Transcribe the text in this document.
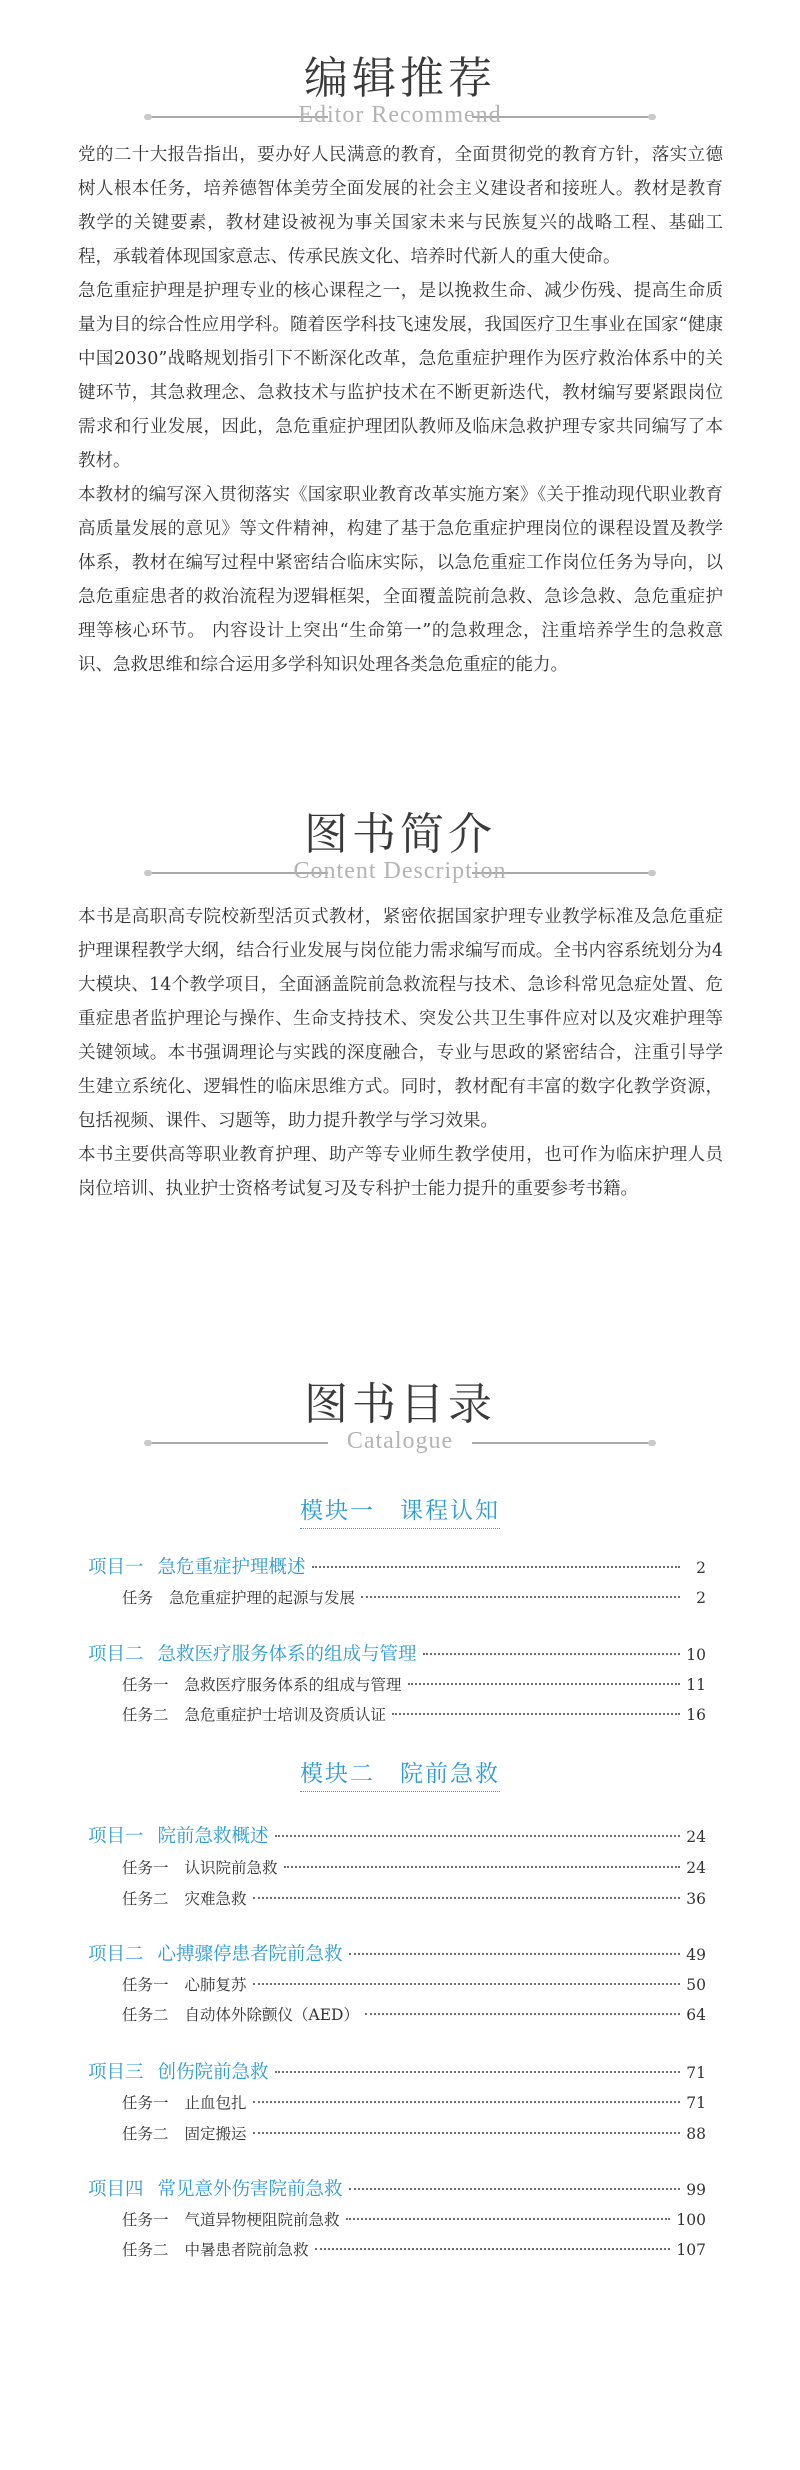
编辑推荐
Editor Recommend

党的二十大报告指出，要办好人民满意的教育，全面贯彻党的教育方针，落实立德树人根本任务，培养德智体美劳全面发展的社会主义建设者和接班人。教材是教育教学的关键要素，教材建设被视为事关国家未来与民族复兴的战略工程、基础工程，承载着体现国家意志、传承民族文化、培养时代新人的重大使命。

急危重症护理是护理专业的核心课程之一，是以挽救生命、减少伤残、提高生命质量为目的综合性应用学科。随着医学科技飞速发展，我国医疗卫生事业在国家“健康中国2030”战略规划指引下不断深化改革，急危重症护理作为医疗救治体系中的关键环节，其急救理念、急救技术与监护技术在不断更新迭代，教材编写要紧跟岗位需求和行业发展，因此，急危重症护理团队教师及临床急救护理专家共同编写了本教材。

本教材的编写深入贯彻落实《国家职业教育改革实施方案》《关于推动现代职业教育高质量发展的意见》等文件精神，构建了基于急危重症护理岗位的课程设置及教学体系，教材在编写过程中紧密结合临床实际，以急危重症工作岗位任务为导向，以急危重症患者的救治流程为逻辑框架，全面覆盖院前急救、急诊急救、急危重症护理等核心环节。 内容设计上突出“生命第一”的急救理念，注重培养学生的急救意识、急救思维和综合运用多学科知识处理各类急危重症的能力。

图书简介
Content Description

本书是高职高专院校新型活页式教材，紧密依据国家护理专业教学标准及急危重症护理课程教学大纲，结合行业发展与岗位能力需求编写而成。全书内容系统划分为4大模块、14个教学项目，全面涵盖院前急救流程与技术、急诊科常见急症处置、危重症患者监护理论与操作、生命支持技术、突发公共卫生事件应对以及灾难护理等关键领域。本书强调理论与实践的深度融合，专业与思政的紧密结合，注重引导学生建立系统化、逻辑性的临床思维方式。同时，教材配有丰富的数字化教学资源，包括视频、课件、习题等，助力提升教学与学习效果。

本书主要供高等职业教育护理、助产等专业师生教学使用，也可作为临床护理人员岗位培训、执业护士资格考试复习及专科护士能力提升的重要参考书籍。

图书目录
Catalogue
模块一　课程认知
项目一 急危重症护理概述	2
任务 急危重症护理的起源与发展	2
项目二 急救医疗服务体系的组成与管理	10
任务一 急救医疗服务体系的组成与管理	11
任务二 急危重症护士培训及资质认证	16
模块二　院前急救
项目一 院前急救概述	24
任务一 认识院前急救	24
任务二 灾难急救	36
项目二 心搏骤停患者院前急救	49
任务一 心肺复苏	50
任务二 自动体外除颤仪（AED）	64
项目三 创伤院前急救	71
任务一 止血包扎	71
任务二 固定搬运	88
项目四 常见意外伤害院前急救	99
任务一 气道异物梗阻院前急救	100
任务二 中暑患者院前急救	107
